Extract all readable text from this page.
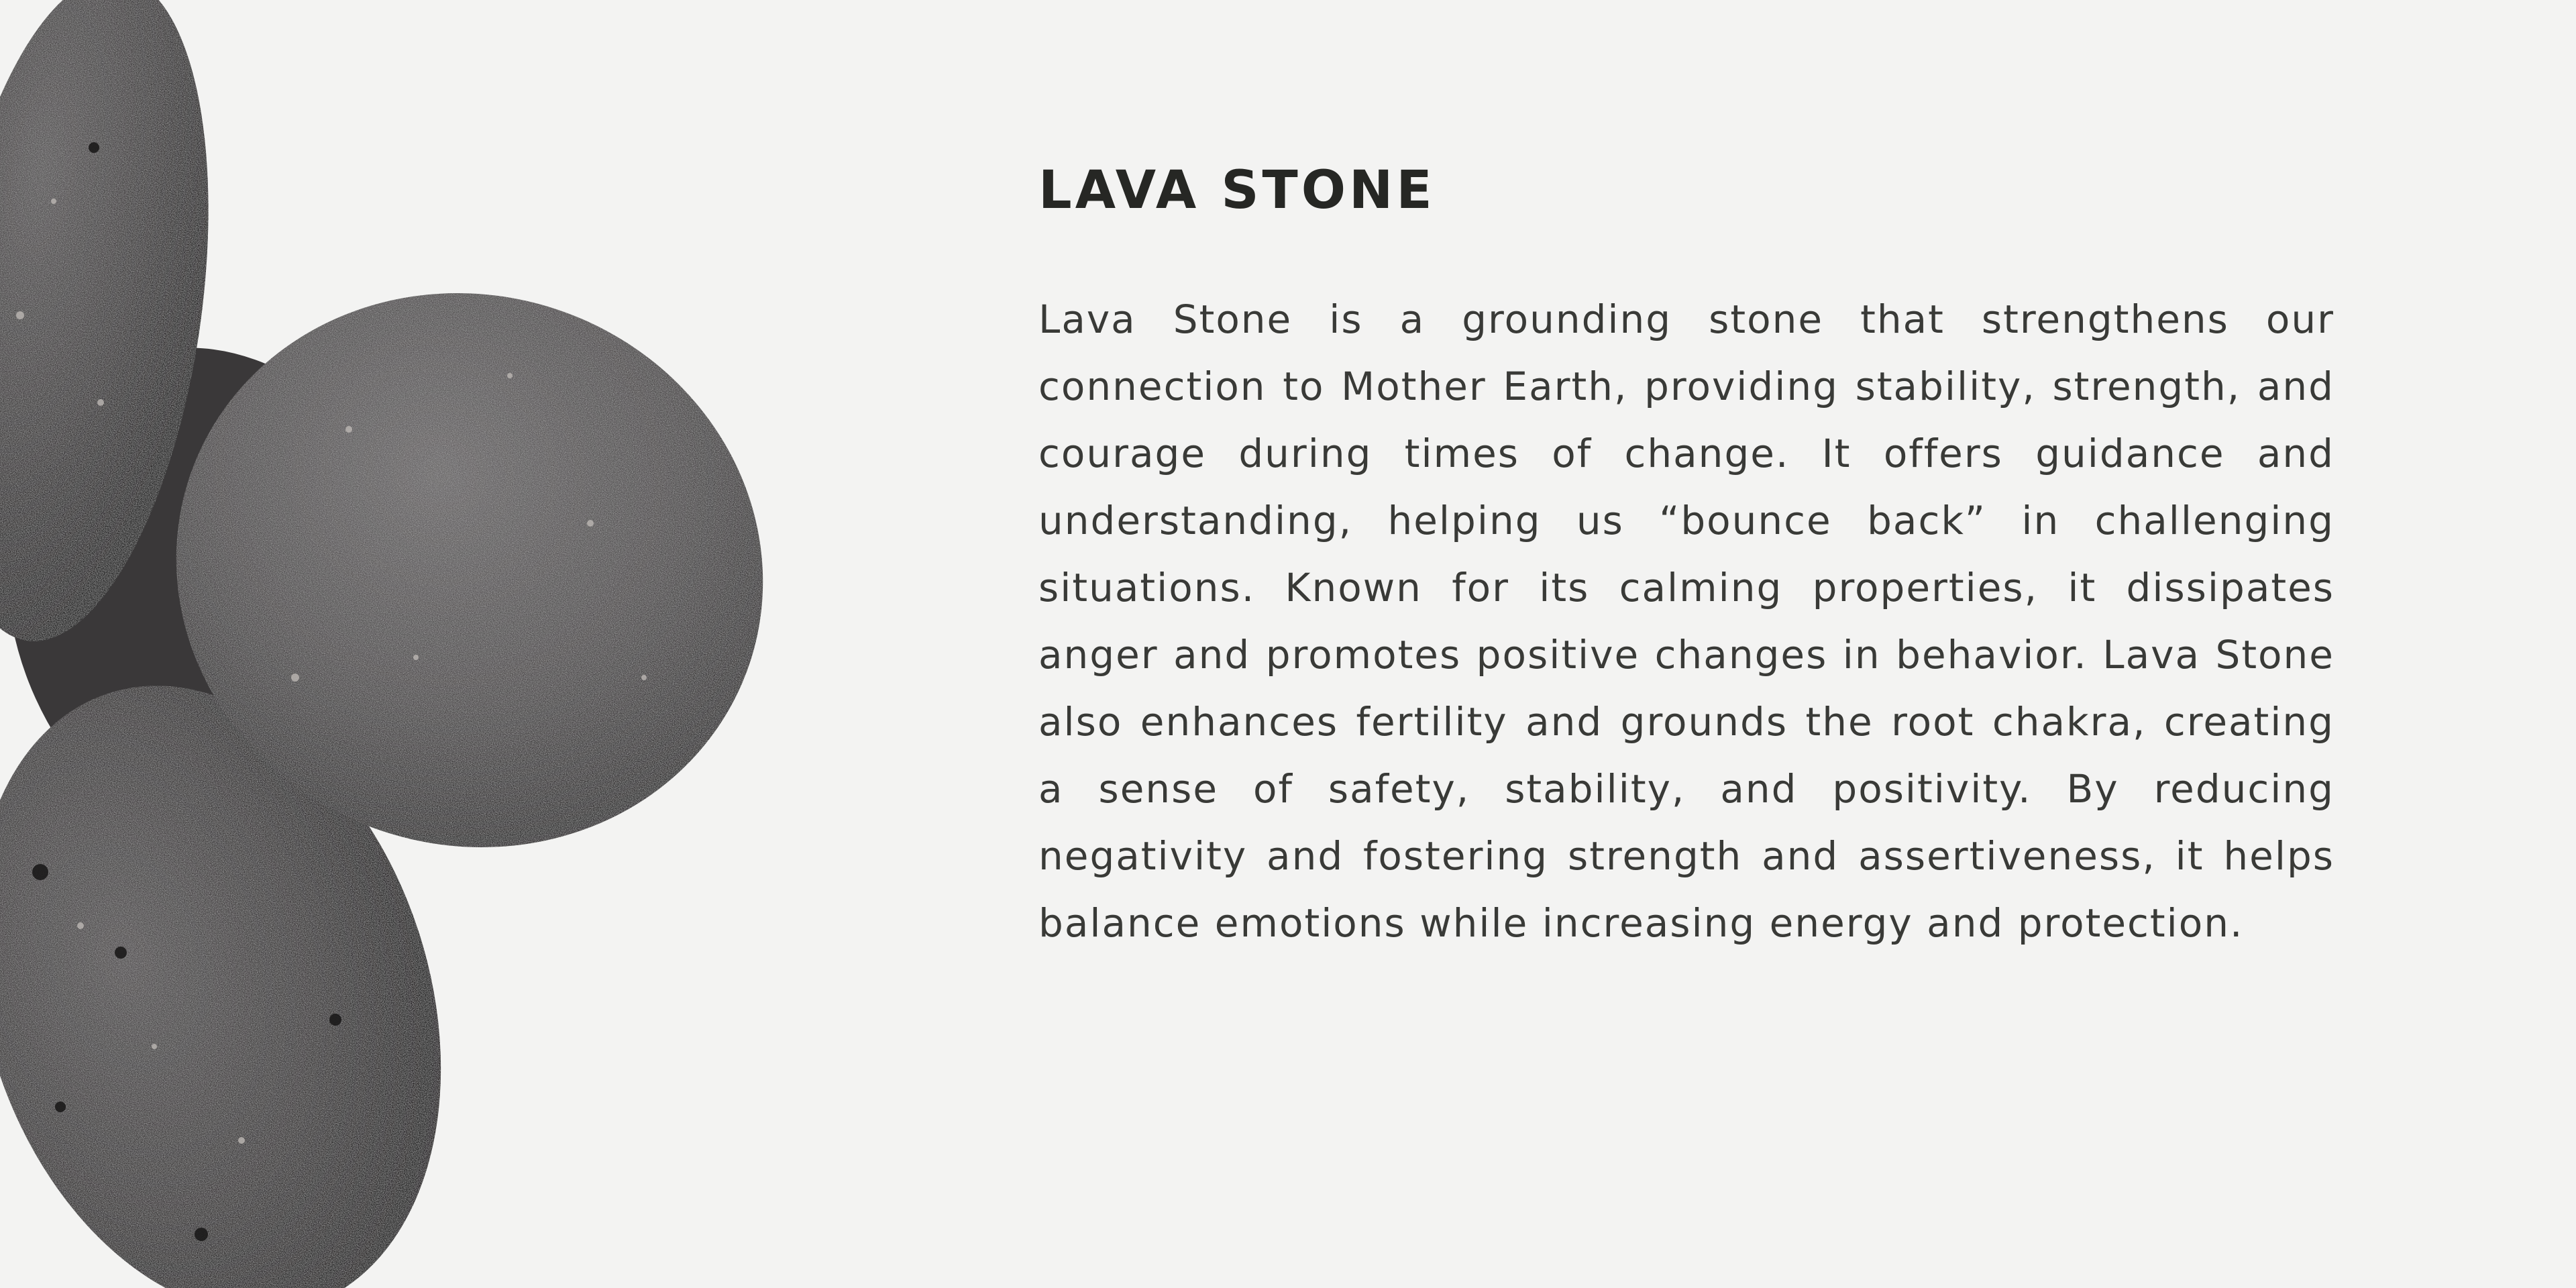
LAVA STONE

Lava Stone is a grounding stone that strengthens our connection to Mother Earth, providing stability, strength, and courage during times of change. It offers guidance and understanding, helping us “bounce back” in challenging situations. Known for its calming properties, it dissipates anger and promotes positive changes in behavior. Lava Stone also enhances fertility and grounds the root chakra, creating a sense of safety, stability, and positivity. By reducing negativity and fostering strength and assertiveness, it helps balance emotions while increasing energy and protection.
